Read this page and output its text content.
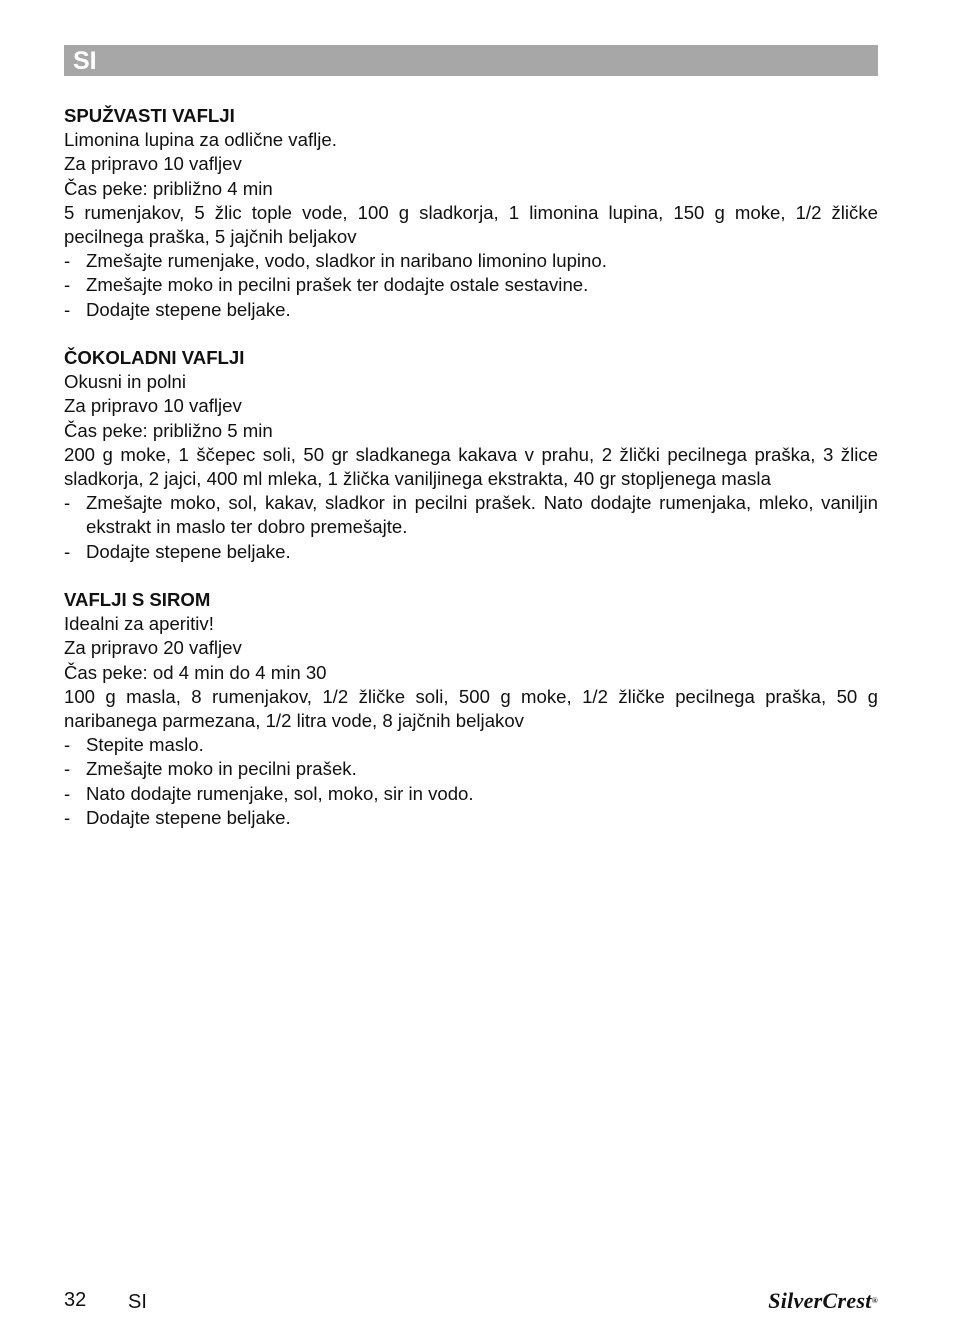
SI
SPUŽVASTI VAFLJI

Limonina lupina za odlične vaflje.

Za pripravo 10 vafljev

Čas peke: približno 4 min

5 rumenjakov, 5 žlic tople vode, 100 g sladkorja, 1 limonina lupina, 150 g moke, 1/2 žličke pecilnega praška, 5 jajčnih beljakov

- Zmešajte rumenjake, vodo, sladkor in naribano limonino lupino.
- Zmešajte moko in pecilni prašek ter dodajte ostale sestavine.
- Dodajte stepene beljake.
ČOKOLADNI VAFLJI

Okusni in polni

Za pripravo 10 vafljev

Čas peke: približno 5 min

200 g moke, 1 ščepec soli, 50 gr sladkanega kakava v prahu, 2 žlički pecilnega praška, 3 žlice sladkorja, 2 jajci, 400 ml mleka, 1 žlička vaniljinega ekstrakta, 40 gr stopljenega masla

- Zmešajte moko, sol, kakav, sladkor in pecilni prašek. Nato dodajte rumenjaka, mleko, vaniljin ekstrakt in maslo ter dobro premešajte.
- Dodajte stepene beljake.
VAFLJI S SIROM

Idealni za aperitiv!

Za pripravo 20 vafljev

Čas peke: od 4 min do 4 min 30

100 g masla, 8 rumenjakov, 1/2 žličke soli, 500 g moke, 1/2 žličke pecilnega praška, 50 g naribanega parmezana, 1/2 litra vode, 8 jajčnih beljakov

- Stepite maslo.
- Zmešajte moko in pecilni prašek.
- Nato dodajte rumenjake, sol, moko, sir in vodo.
- Dodajte stepene beljake.
32 SI	SilverCrest®
